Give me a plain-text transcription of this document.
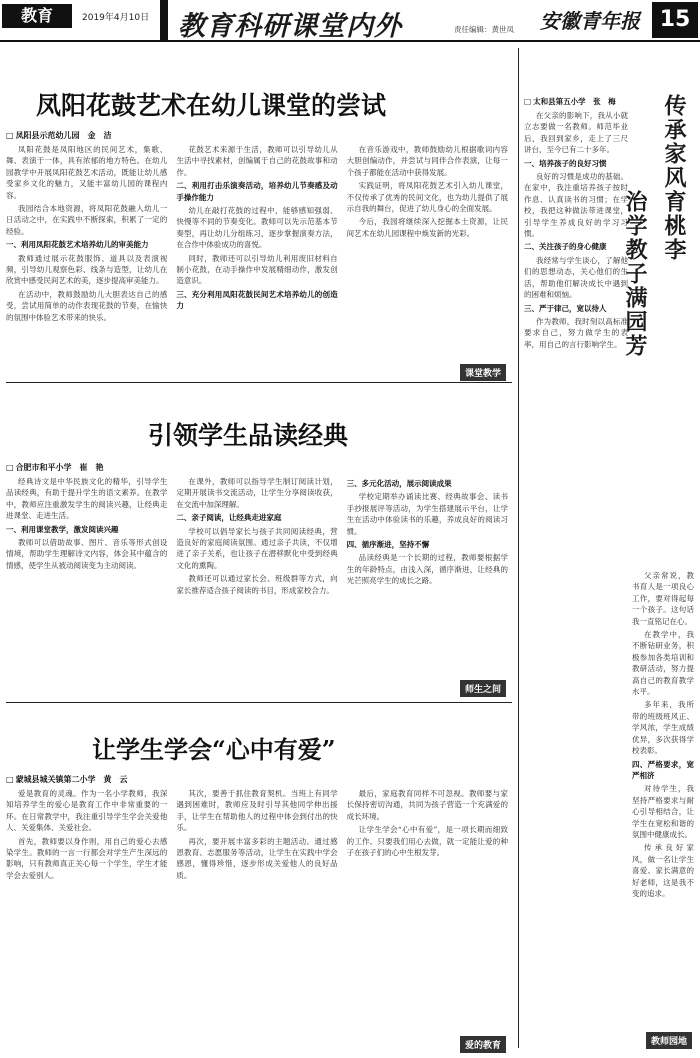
教育	2019年4月10日 教育科研课堂内外	责任编辑：黄世凤 安徽青年报 15
凤阳花鼓艺术在幼儿课堂的尝试
□ 凤阳县示范幼儿园　金　洁

凤阳花鼓是凤阳地区的民间艺术，集歌、舞、表演于一体，具有浓郁的地方特色。在幼儿园教学中开展凤阳花鼓艺术活动，既能让幼儿感受家乡文化的魅力，又能丰富幼儿园的课程内容。

我园结合本地资源，将凤阳花鼓融入幼儿一日活动之中，在实践中不断探索，积累了一定的经验。

一、利用凤阳花鼓艺术培养幼儿的审美能力

教师通过展示花鼓服饰、道具以及表演视频，引导幼儿观察色彩、线条与造型，让幼儿在欣赏中感受民间艺术的美，逐步提高审美能力。

在活动中，教师鼓励幼儿大胆表达自己的感受，尝试用简单的动作表现花鼓的节奏，在愉快的氛围中体验艺术带来的快乐。

花鼓艺术来源于生活，教师可以引导幼儿从生活中寻找素材，创编属于自己的花鼓故事和动作。

二、利用打击乐演奏活动，培养幼儿节奏感及动手操作能力

幼儿在敲打花鼓的过程中，能够感知强弱、快慢等不同的节奏变化。教师可以先示范基本节奏型，再让幼儿分组练习，逐步掌握演奏方法，在合作中体验成功的喜悦。

同时，教师还可以引导幼儿利用废旧材料自制小花鼓，在动手操作中发展精细动作，激发创造意识。

三、充分利用凤阳花鼓民间艺术培养幼儿的创造力

在音乐游戏中，教师鼓励幼儿根据歌词内容大胆创编动作，并尝试与同伴合作表演，让每一个孩子都能在活动中获得发展。

实践证明，将凤阳花鼓艺术引入幼儿课堂，不仅传承了优秀的民间文化，也为幼儿提供了展示自我的舞台，促进了幼儿身心的全面发展。

今后，我园将继续深入挖掘本土资源，让民间艺术在幼儿园课程中焕发新的光彩。

课堂教学
引领学生品读经典
□ 合肥市和平小学　崔　艳

经典诗文是中华民族文化的精华，引导学生品读经典，有助于提升学生的语文素养。在教学中，教师应注重激发学生的阅读兴趣，让经典走进课堂、走进生活。

一、利用课堂教学，激发阅读兴趣

教师可以借助故事、图片、音乐等形式创设情境，帮助学生理解诗文内容，体会其中蕴含的情感，使学生从被动阅读变为主动阅读。

在课外，教师可以指导学生制订阅读计划，定期开展读书交流活动，让学生分享阅读收获，在交流中加深理解。

二、亲子阅读，让经典走进家庭

学校可以倡导家长与孩子共同阅读经典，营造良好的家庭阅读氛围。通过亲子共读，不仅增进了亲子关系，也让孩子在潜移默化中受到经典文化的熏陶。

教师还可以通过家长会、班级群等方式，向家长推荐适合孩子阅读的书目，形成家校合力。

三、多元化活动，展示阅读成果

学校定期举办诵读比赛、经典故事会、读书手抄报展评等活动，为学生搭建展示平台，让学生在活动中体验读书的乐趣，养成良好的阅读习惯。

四、循序渐进，坚持不懈

品读经典是一个长期的过程，教师要根据学生的年龄特点，由浅入深，循序渐进，让经典的光芒照亮学生的成长之路。

师生之间
让学生学会“心中有爱”
□ 蒙城县城关镇第二小学　黄　云

爱是教育的灵魂。作为一名小学教师，我深知培养学生的爱心是教育工作中非常重要的一环。在日常教学中，我注重引导学生学会关爱他人、关爱集体、关爱社会。

首先，教师要以身作则，用自己的爱心去感染学生。教师的一言一行都会对学生产生深远的影响，只有教师真正关心每一个学生，学生才能学会去爱别人。

其次，要善于抓住教育契机。当班上有同学遇到困难时，教师应及时引导其他同学伸出援手，让学生在帮助他人的过程中体会到付出的快乐。

再次，要开展丰富多彩的主题活动。通过感恩教育、志愿服务等活动，让学生在实践中学会感恩，懂得珍惜，逐步形成关爱他人的良好品质。

最后，家庭教育同样不可忽视。教师要与家长保持密切沟通，共同为孩子营造一个充满爱的成长环境。

让学生学会“心中有爱”，是一项长期而细致的工作。只要我们用心去做，就一定能让爱的种子在孩子们的心中生根发芽。

爱的教育
□ 太和县第五小学　张　梅 传承家风育桃李
治学教子满园芳

在父亲的影响下，我从小就立志要做一名教师。师范毕业后，我回到家乡，走上了三尺讲台，至今已有二十多年。

一、培养孩子的良好习惯

良好的习惯是成功的基础。在家中，我注重培养孩子按时作息、认真读书的习惯；在学校，我把这种做法带进课堂，引导学生养成良好的学习习惯。

二、关注孩子的身心健康

我经常与学生谈心，了解他们的思想动态，关心他们的生活，帮助他们解决成长中遇到的困难和烦恼。

三、严于律己，宽以待人

作为教师，我时刻以高标准要求自己，努力做学生的表率，用自己的言行影响学生。

父亲常说，教书育人是一项良心工作，要对得起每一个孩子。这句话我一直铭记在心。

在教学中，我不断钻研业务，积极参加各类培训和教研活动，努力提高自己的教育教学水平。

多年来，我所带的班级班风正、学风浓，学生成绩优异，多次获得学校表彰。

四、严格要求，宽严相济

对待学生，我坚持严格要求与耐心引导相结合，让学生在宽松和谐的氛围中健康成长。

传承良好家风，做一名让学生喜爱、家长满意的好老师，这是我不变的追求。

教师园地
